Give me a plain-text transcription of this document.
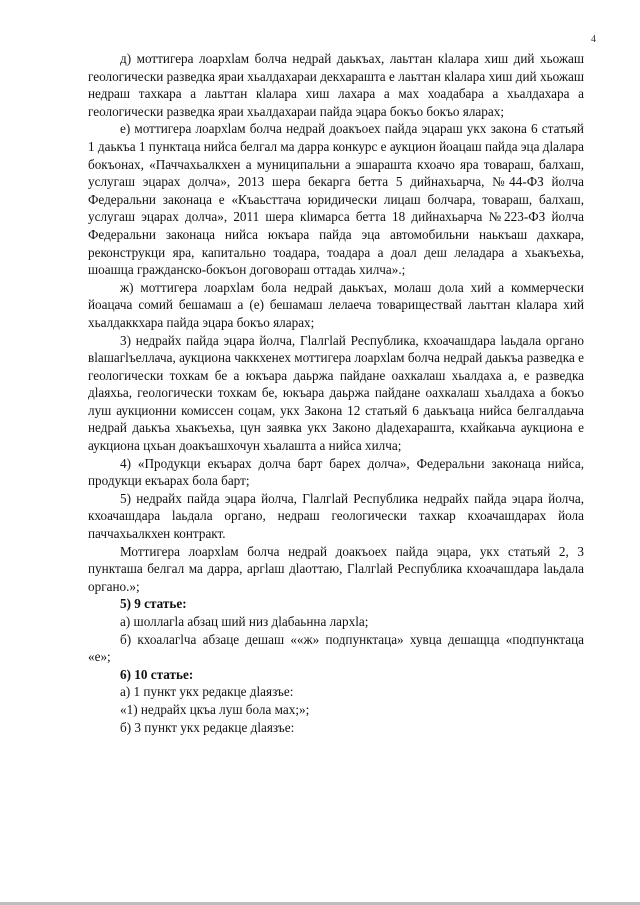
4

д) моттигера лоархlам болча недрай даькъах, лаьттан кlалара хиш дий хьожаш геологически разведка яраи хьалдахараи декхараштa е лаьттан кlалара хиш дий хьожаш недраш тахкара а лаьттан кlалара хиш лахара а мах хоадабара а хьалдахара а геологически разведка яраи хьалдахараи пайда эцара бокъо бокъо яларах;

е) моттигера лоархlам болча недрай доакъоех пайда эцараш укх закона 6 статьяй 1 даькъа 1 пунктаца нийса белгал ма дарра конкурс е аукцион йоацаш пайда эца дlалара бокъонах, «Паччахьалкхен а муниципальни а эшараштa кхоачо яра товараш, балхаш, услугаш эцарах долча», 2013 шера бекарга бетта 5 дийнахьарча, №44-ФЗ йолча Федеральни законаца е «Къаьсттача юридически лицаш болчара, товараш, балхаш, услугаш эцарах долча», 2011 шера кlимарса бетта 18 дийнахьарча №223-ФЗ йолча Федеральни законаца нийса юкъара пайда эца автомобильни наькъаш дахкара, реконструкци яра, капитально тоадара, тоадара а доал деш леладара а хьакъехьа, шоашца гражданско-бокъон договораш оттадаь хилча».;

ж) моттигера лоархlам бола недрай даькъах, молаш дола хий а коммерчески йоацача сомий бешамаш а (е) бешамаш лелаеча товариществай лаьттан кlалара хий хьалдаккхара пайда эцара бокъо яларах;

3) недрайх пайда эцара йолча, Гlалгlай Республика, кхоачашдара lаьдала органо вlашагlъеллача, аукционa чаккхенех моттигера лоархlам болча недрай даькъа разведка е геологически тохкам бе а юкъара даьржа пайдане оахкалаш хьалдаха а, е разведка дlаяхьа, геологически тохкам бе, юкъара даьржа пайдане оахкалаш хьалдаха а бокъо луш аукционни комиссен соцам, укх Закона 12 статьяй 6 даькъаца нийса белгалдаьча недрай даькъа хьакъехьа, цун заявка укх Законо дlадехараштa, кхайкаьча аукциона е аукциона цхьан доакъашхочун хьалашта а нийса хилча;

4) «Продукци екъарах долча барт барех долча», Федеральни законаца нийса, продукци екъарах бола барт;

5) недрайх пайда эцара йолча, Гlалгlай Республика недрайх пайда эцара йолча, кхоачашдара lаьдала органо, недраш геологически тахкар кхоачашдарах йола паччахьалкхен контракт.

Моттигера лоархlам болча недрай доакъоех пайда эцара, укх статьяй 2, 3 пункташа белгал ма дарра, аргlаш дlаоттаю, Гlалгlай Республика кхоачашдара lаьдала органо.»;

5) 9 статье:

а) шоллагlа абзац ший низ дlабаьнна лархlа;

б) кхоалагlча абзаце дешаш ««ж» подпунктаца» хувца дешащца «подпунктаца «е»;

6) 10 статье:

а) 1 пункт укх редакце дlаязъе:

«1) недрайх цкъа луш бола мах;»;

б) 3 пункт укх редакце дlаязъе:
